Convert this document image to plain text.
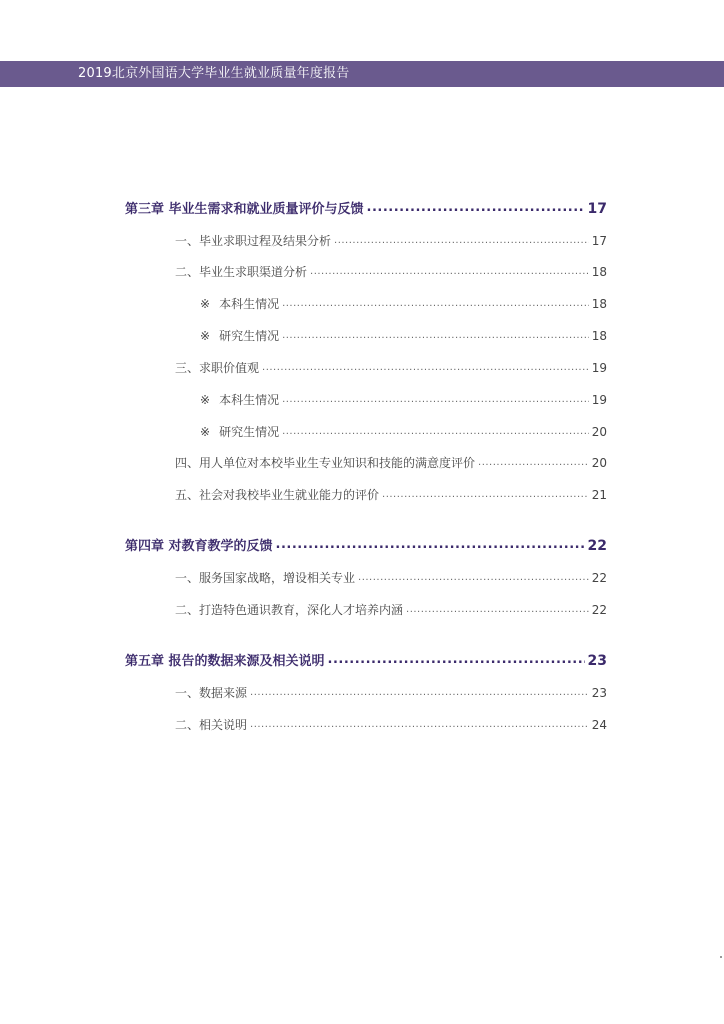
2019北京外国语大学毕业生就业质量年度报告
第三章 毕业生需求和就业质量评价与反馈 .....	17
一、毕业求职过程及结果分析 .....	17
二、毕业生求职渠道分析 .....	18
※ 本科生情况 .....	18
※ 研究生情况 .....	18
三、求职价值观 .....	19
※ 本科生情况 .....	19
※ 研究生情况 .....	20
四、用人单位对本校毕业生专业知识和技能的满意度评价 .....	20
五、社会对我校毕业生就业能力的评价 .....	21
第四章 对教育教学的反馈 .....	22
一、服务国家战略，增设相关专业 .....	22
二、打造特色通识教育，深化人才培养内涵 .....	22
第五章 报告的数据来源及相关说明 .....	23
一、数据来源 .....	23
二、相关说明 .....	24
